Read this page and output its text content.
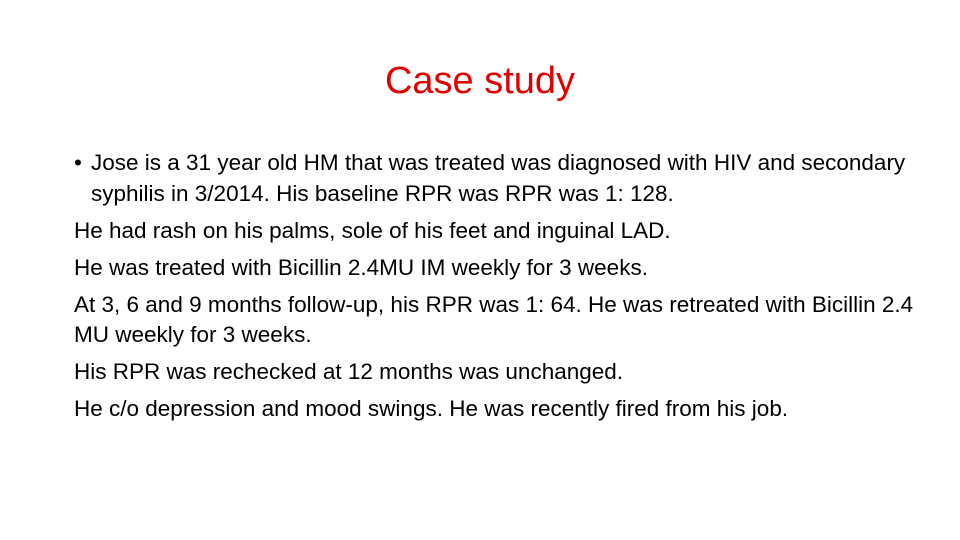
Case study
• Jose is a 31 year old HM that was treated was diagnosed with HIV and secondary syphilis in 3/2014. His baseline RPR was RPR was 1: 128.
He had rash on his palms, sole of his feet and inguinal LAD.
He was treated with Bicillin 2.4MU IM weekly for 3 weeks.
At 3, 6 and 9 months follow-up, his RPR was 1: 64. He was retreated with Bicillin 2.4 MU weekly for 3 weeks.
His RPR was rechecked at 12 months was unchanged.
He c/o depression and mood swings. He was recently fired from his job.
